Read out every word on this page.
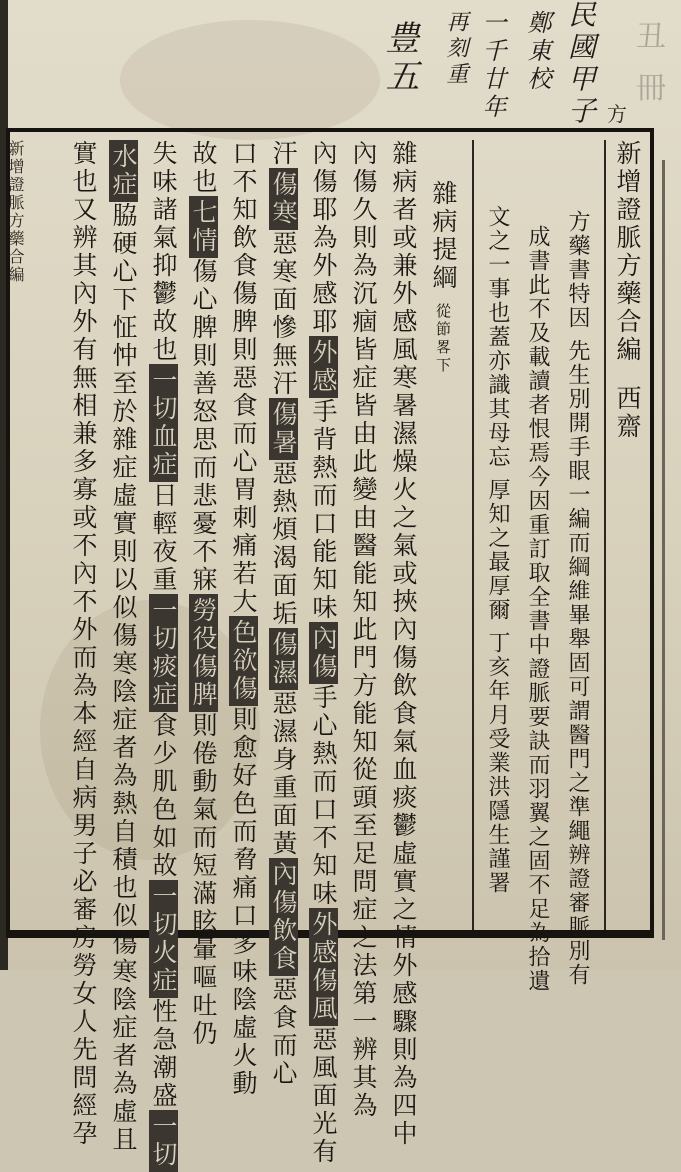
民國甲子
鄭東校
一千廿年
再刻重
豊五	丑 冊
方
新增證脈方藥合編	新增證脈方藥合編 西齋
方藥書特因 先生別開手眼一編而綱維畢舉固可謂醫門之準繩辨證審脈別有
成書此不及載讀者恨焉今因重訂取全書中證脈要訣而羽翼之固不足為拾遺
文之一事也蓋亦識其母忘 厚知之最厚爾 丁亥年月受業洪隱生謹署
雜病提綱 從節畧下
雜病者或兼外感風寒暑濕燥火之氣或挾內傷飲食氣血痰鬱虛實之情外感驟則為四中
內傷久則為沉痼皆症皆由此變由醫能知此門方能知從頭至足問症之法第一辨其為
內傷耶為外感耶外感手背熱而口能知味內傷手心熱而口不知味外感傷風惡風面光有
汗傷寒惡寒面慘無汗傷暑惡熱煩渴面垢傷濕惡濕身重面黃內傷飲食惡食而心
口不知飲食傷脾則惡食而心胃刺痛若大色欲傷則愈好色而脅痛口多味陰虛火動
故也七情傷心脾則善怒思而悲憂不寐勞役傷脾則倦動氣而短滿眩暈嘔吐仍
失味諸氣抑鬱故也一切血症日輕夜重一切痰症食少肌色如故一切火症性急潮盛一切
水症脇硬心下怔忡至於雜症虛實則以似傷寒陰症者為熱自積也似傷寒陰症者為虛且
實也又辨其內外有無相兼多寡或不內不外而為本經自病男子必審房勞女人先問經孕
